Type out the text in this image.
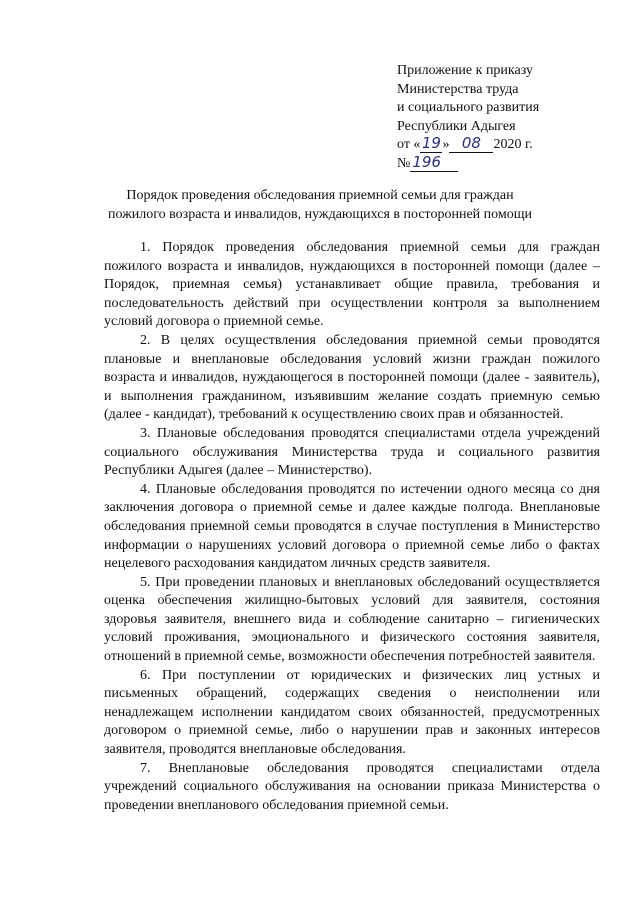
Приложение к приказу
Министерства труда
и социального развития
Республики Адыгея
от «19» 08 2020 г.
№ 196
Порядок проведения обследования приемной семьи для граждан пожилого возраста и инвалидов, нуждающихся в посторонней помощи

1. Порядок проведения обследования приемной семьи для граждан пожилого возраста и инвалидов, нуждающихся в посторонней помощи (далее – Порядок, приемная семья) устанавливает общие правила, требования и последовательность действий при осуществлении контроля за выполнением условий договора о приемной семье.

2. В целях осуществления обследования приемной семьи проводятся плановые и внеплановые обследования условий жизни граждан пожилого возраста и инвалидов, нуждающегося в посторонней помощи (далее - заявитель), и выполнения гражданином, изъявившим желание создать приемную семью (далее - кандидат), требований к осуществлению своих прав и обязанностей.

3. Плановые обследования проводятся специалистами отдела учреждений социального обслуживания Министерства труда и социального развития Республики Адыгея (далее – Министерство).

4. Плановые обследования проводятся по истечении одного месяца со дня заключения договора о приемной семье и далее каждые полгода. Внеплановые обследования приемной семьи проводятся в случае поступления в Министерство информации о нарушениях условий договора о приемной семье либо о фактах нецелевого расходования кандидатом личных средств заявителя.

5. При проведении плановых и внеплановых обследований осуществляется оценка обеспечения жилищно-бытовых условий для заявителя, состояния здоровья заявителя, внешнего вида и соблюдение санитарно – гигиенических условий проживания, эмоционального и физического состояния заявителя, отношений в приемной семье, возможности обеспечения потребностей заявителя.

6. При поступлении от юридических и физических лиц устных и письменных обращений, содержащих сведения о неисполнении или ненадлежащем исполнении кандидатом своих обязанностей, предусмотренных договором о приемной семье, либо о нарушении прав и законных интересов заявителя, проводятся внеплановые обследования.

7. Внеплановые обследования проводятся специалистами отдела учреждений социального обслуживания на основании приказа Министерства о проведении внепланового обследования приемной семьи.
